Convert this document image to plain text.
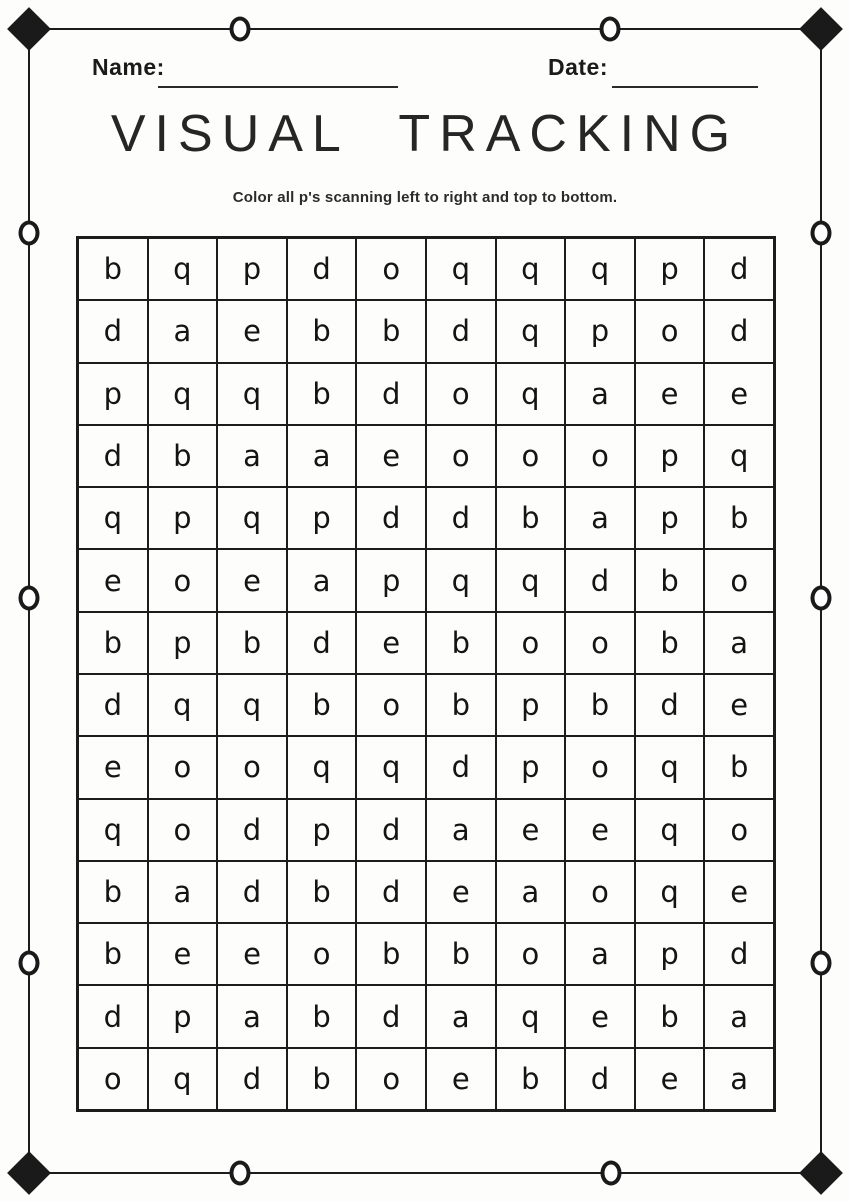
Name:	Date:
VISUAL TRACKING
Color all p's scanning left to right and top to bottom.
b	q	p	d	o	q	q	q	p	d
d	a	e	b	b	d	q	p	o	d
p	q	q	b	d	o	q	a	e	e
d	b	a	a	e	o	o	o	p	q
q	p	q	p	d	d	b	a	p	b
e	o	e	a	p	q	q	d	b	o
b	p	b	d	e	b	o	o	b	a
d	q	q	b	o	b	p	b	d	e
e	o	o	q	q	d	p	o	q	b
q	o	d	p	d	a	e	e	q	o
b	a	d	b	d	e	a	o	q	e
b	e	e	o	b	b	o	a	p	d
d	p	a	b	d	a	q	e	b	a
o	q	d	b	o	e	b	d	e	a
